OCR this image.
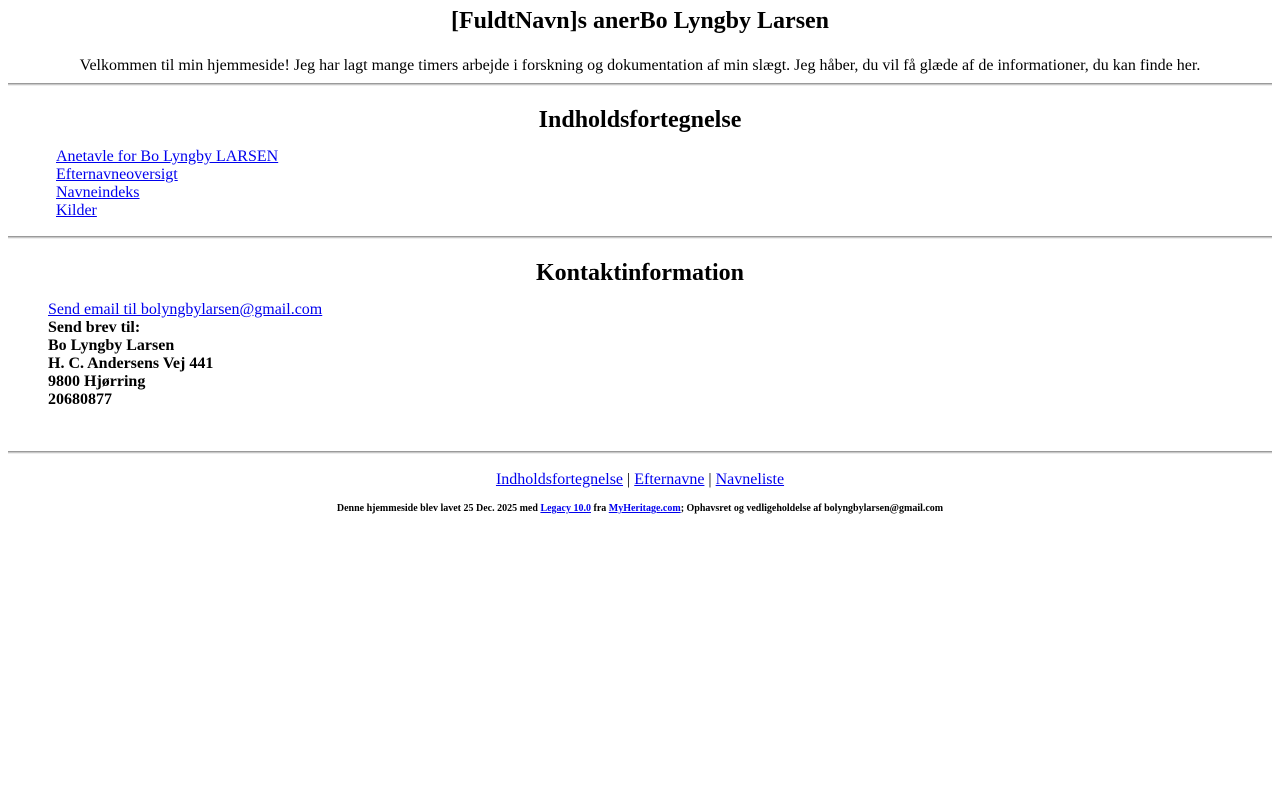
[FuldtNavn]s anerBo Lyngby Larsen

Velkommen til min hjemmeside! Jeg har lagt mange timers arbejde i forskning og dokumentation af min slægt. Jeg håber, du vil få glæde af de informationer, du kan finde her.

Indholdsfortegnelse
Anetavle for Bo Lyngby LARSEN
Efternavneoversigt
Navneindeks
Kilder
Kontaktinformation
Send email til bolyngbylarsen@gmail.com
Send brev til:
Bo Lyngby Larsen
H. C. Andersens Vej 441
9800 Hjørring
20680877
Indholdsfortegnelse | Efternavne | Navneliste
Denne hjemmeside blev lavet 25 Dec. 2025 med Legacy 10.0 fra MyHeritage.com; Ophavsret og vedligeholdelse af bolyngbylarsen@gmail.com
